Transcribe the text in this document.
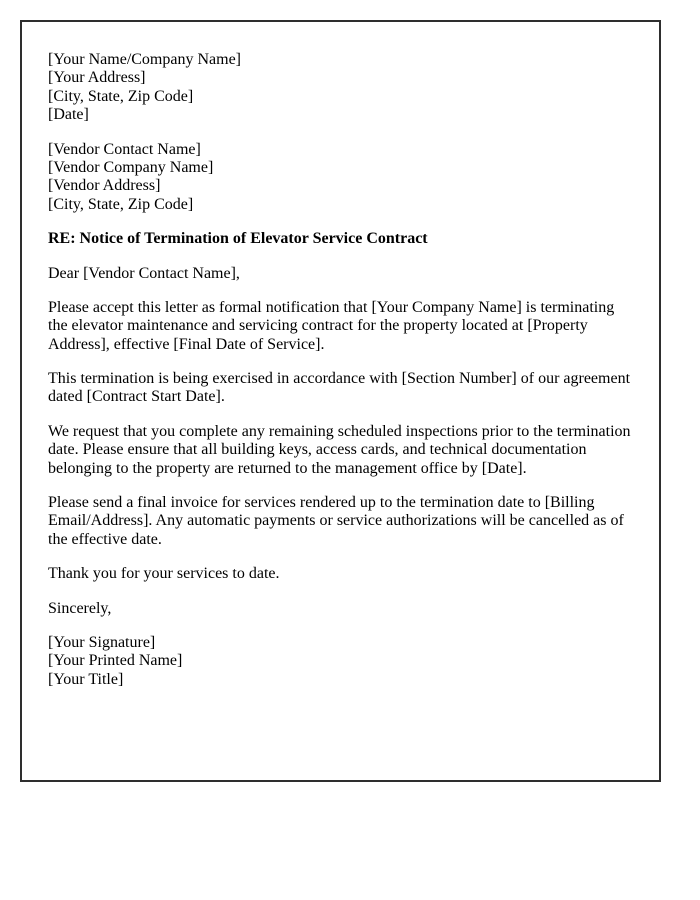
[Your Name/Company Name]
[Your Address]
[City, State, Zip Code]
[Date]
[Vendor Contact Name]
[Vendor Company Name]
[Vendor Address]
[City, State, Zip Code]

RE: Notice of Termination of Elevator Service Contract

Dear [Vendor Contact Name],

Please accept this letter as formal notification that [Your Company Name] is terminating the elevator maintenance and servicing contract for the property located at [Property Address], effective [Final Date of Service].

This termination is being exercised in accordance with [Section Number] of our agreement dated [Contract Start Date].

We request that you complete any remaining scheduled inspections prior to the termination date. Please ensure that all building keys, access cards, and technical documentation belonging to the property are returned to the management office by [Date].

Please send a final invoice for services rendered up to the termination date to [Billing Email/Address]. Any automatic payments or service authorizations will be cancelled as of the effective date.

Thank you for your services to date.

Sincerely,

[Your Signature]
[Your Printed Name]
[Your Title]
